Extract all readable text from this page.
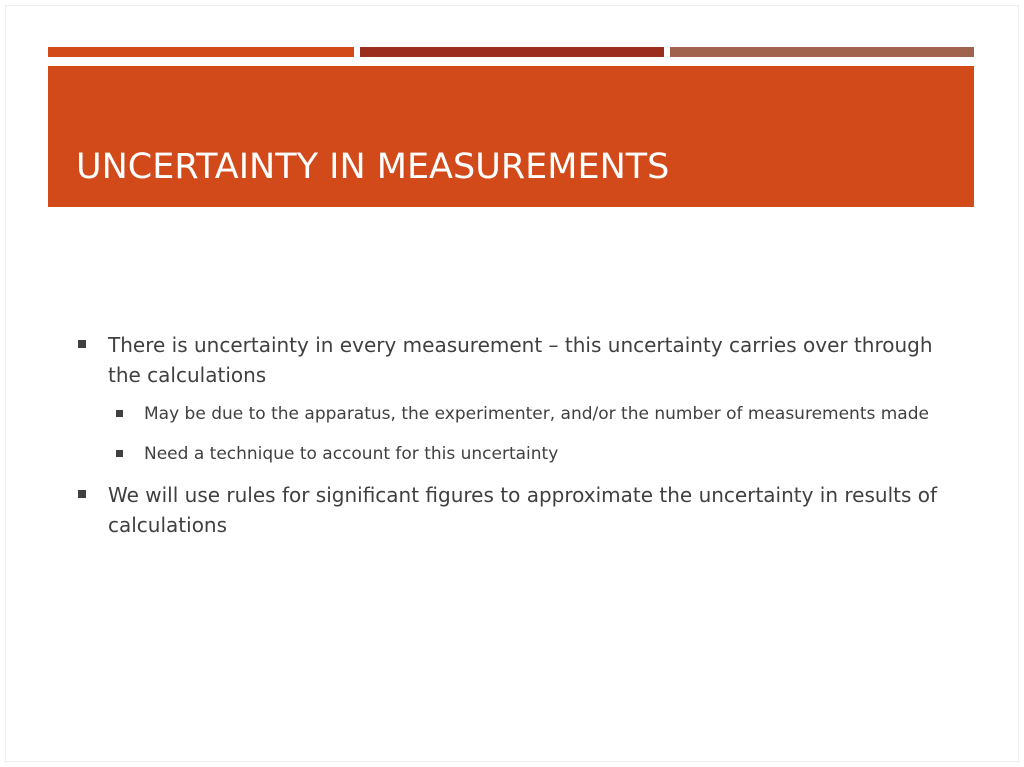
UNCERTAINTY IN MEASUREMENTS
There is uncertainty in every measurement – this uncertainty carries over through the calculations
May be due to the apparatus, the experimenter, and/or the number of measurements made
Need a technique to account for this uncertainty
We will use rules for significant figures to approximate the uncertainty in results of calculations
